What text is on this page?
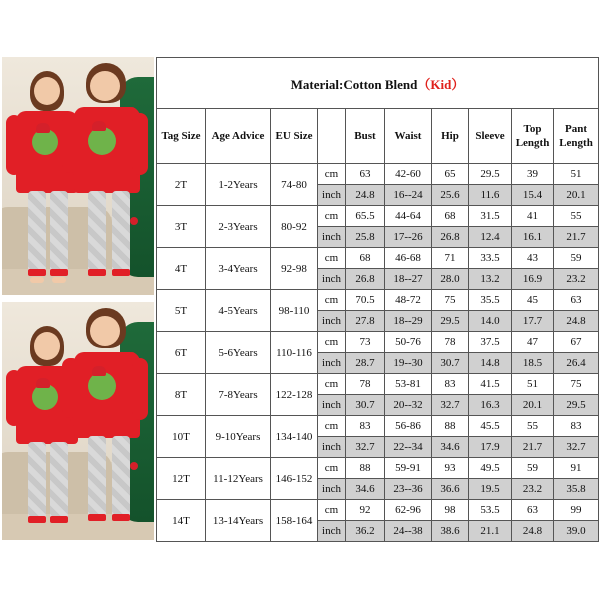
Material:Cotton Blend（Kid）									
Tag Size	Age Advice	EU Size		Bust	Waist	Hip	Sleeve	Top Length	Pant Length
2T	1-2Years	74-80	cm	63	42-60	65	29.5	39	51
			inch	24.8	16--24	25.6	11.6	15.4	20.1
3T	2-3Years	80-92	cm	65.5	44-64	68	31.5	41	55
			inch	25.8	17--26	26.8	12.4	16.1	21.7
4T	3-4Years	92-98	cm	68	46-68	71	33.5	43	59
			inch	26.8	18--27	28.0	13.2	16.9	23.2
5T	4-5Years	98-110	cm	70.5	48-72	75	35.5	45	63
			inch	27.8	18--29	29.5	14.0	17.7	24.8
6T	5-6Years	110-116	cm	73	50-76	78	37.5	47	67
			inch	28.7	19--30	30.7	14.8	18.5	26.4
8T	7-8Years	122-128	cm	78	53-81	83	41.5	51	75
			inch	30.7	20--32	32.7	16.3	20.1	29.5
10T	9-10Years	134-140	cm	83	56-86	88	45.5	55	83
			inch	32.7	22--34	34.6	17.9	21.7	32.7
12T	11-12Years	146-152	cm	88	59-91	93	49.5	59	91
			inch	34.6	23--36	36.6	19.5	23.2	35.8
14T	13-14Years	158-164	cm	92	62-96	98	53.5	63	99
			inch	36.2	24--38	38.6	21.1	24.8	39.0
